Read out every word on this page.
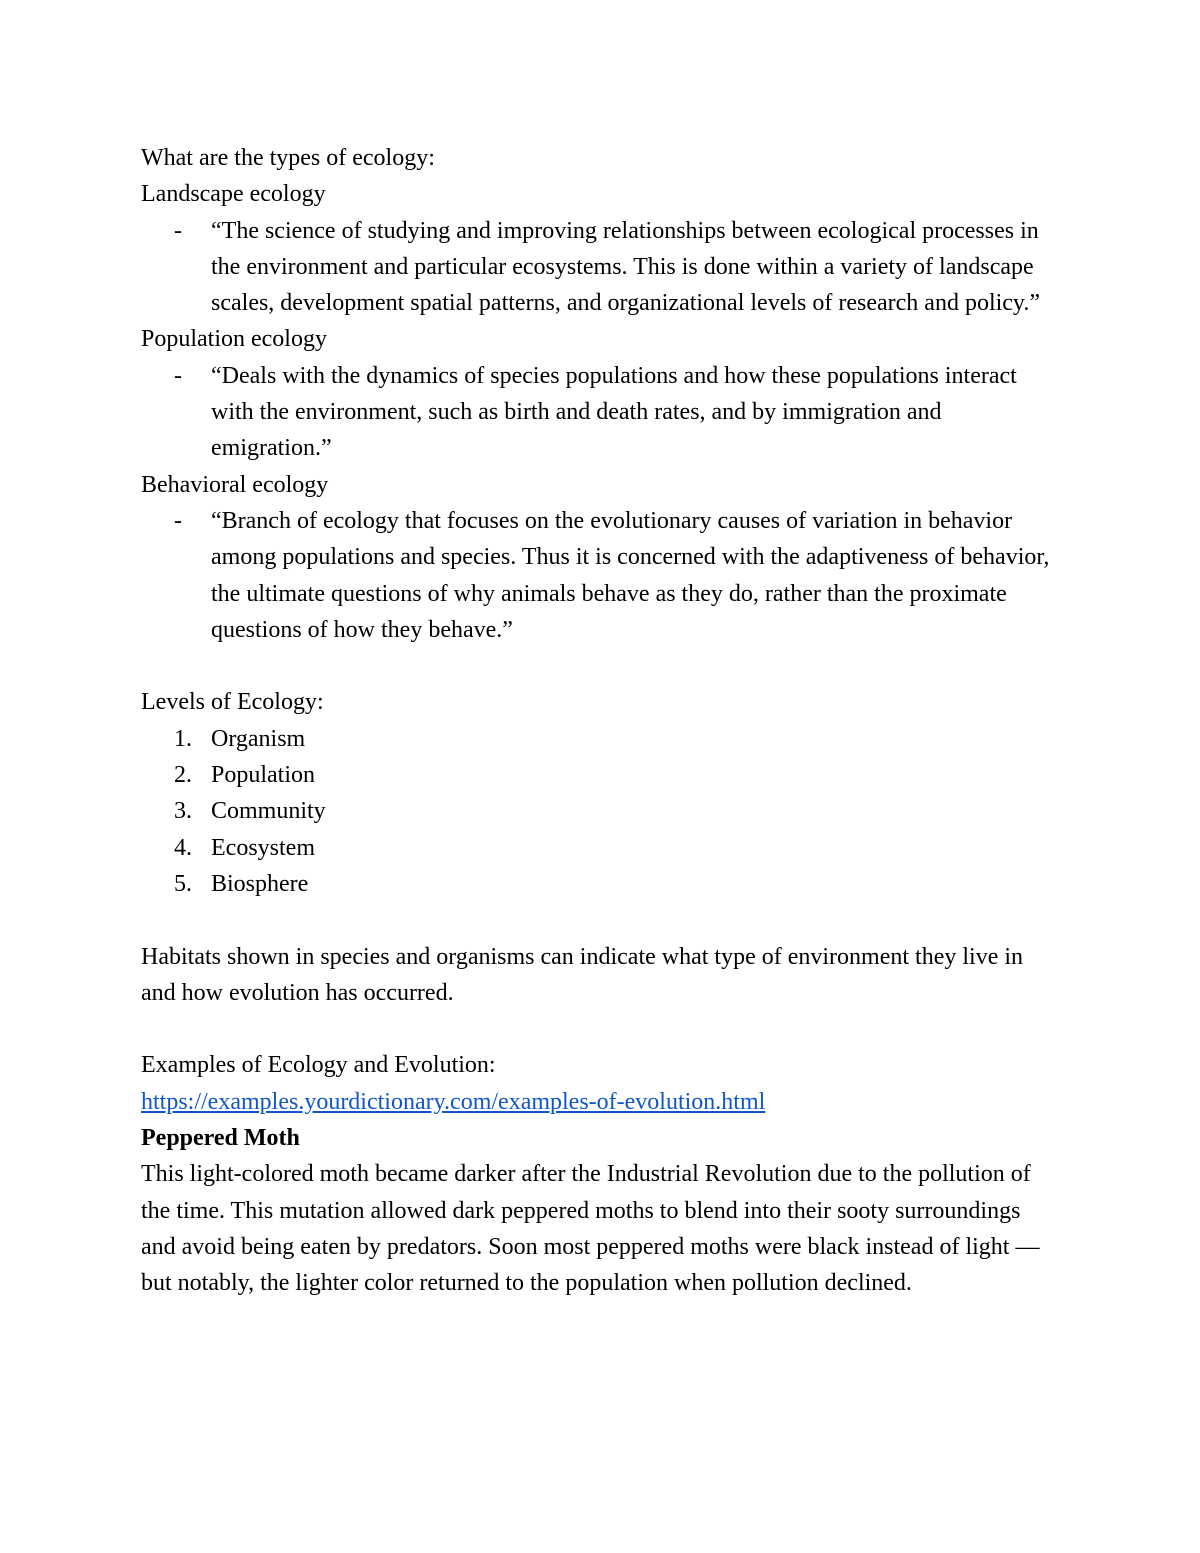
What are the types of ecology:

Landscape ecology

- “The science of studying and improving relationships between ecological processes in the environment and particular ecosystems. This is done within a variety of landscape scales, development spatial patterns, and organizational levels of research and policy.”

Population ecology

- “Deals with the dynamics of species populations and how these populations interact with the environment, such as birth and death rates, and by immigration and emigration.”

Behavioral ecology

- “Branch of ecology that focuses on the evolutionary causes of variation in behavior among populations and species. Thus it is concerned with the adaptiveness of behavior, the ultimate questions of why animals behave as they do, rather than the proximate questions of how they behave.”

Levels of Ecology:

1. Organism
2. Population
3. Community
4. Ecosystem
5. Biosphere

Habitats shown in species and organisms can indicate what type of environment they live in and how evolution has occurred.

Examples of Ecology and Evolution:

https://examples.yourdictionary.com/examples-of-evolution.html

Peppered Moth

This light-colored moth became darker after the Industrial Revolution due to the pollution of the time. This mutation allowed dark peppered moths to blend into their sooty surroundings and avoid being eaten by predators. Soon most peppered moths were black instead of light — but notably, the lighter color returned to the population when pollution declined.
